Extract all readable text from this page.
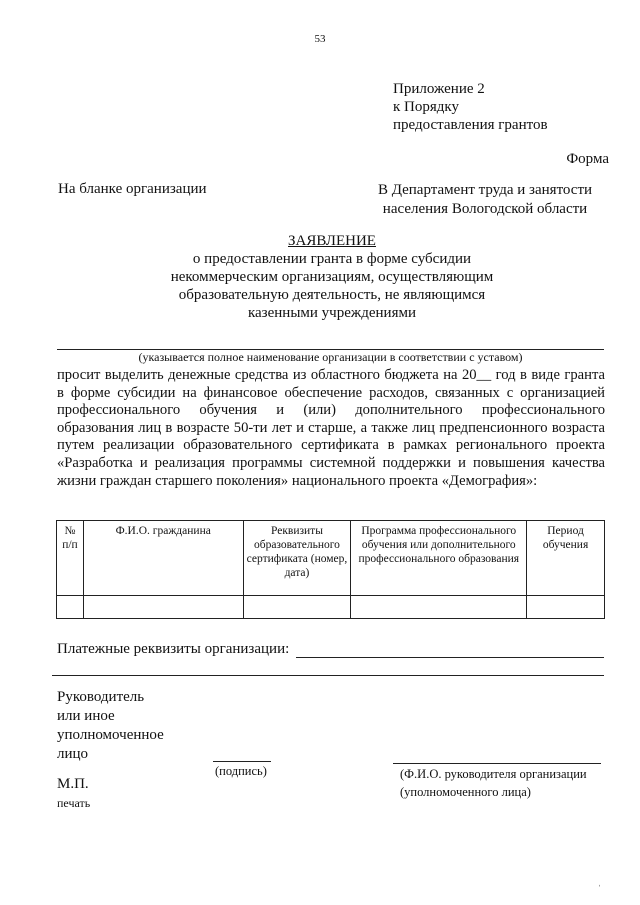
53
Приложение 2
к Порядку
предоставления грантов
Форма
На бланке организации	В Департамент труда и занятости
населения Вологодской области
ЗАЯВЛЕНИЕ
о предоставлении гранта в форме субсидии
некоммерческим организациям, осуществляющим
образовательную деятельность, не являющимся
казенными учреждениями
(указывается полное наименование организации в соответствии с уставом)
просит выделить денежные средства из областного бюджета на 20__ год в виде гранта в форме субсидии на финансовое обеспечение расходов, связанных с организацией профессионального обучения и (или) дополнительного профессионального образования лиц в возрасте 50-ти лет и старше, а также лиц предпенсионного возраста путем реализации образовательного сертификата в рамках регионального проекта «Разработка и реализация программы системной поддержки и повышения качества жизни граждан старшего поколения» национального проекта «Демография»:
№ п/п	Ф.И.О. гражданина	Реквизиты образовательного сертификата (номер, дата)	Программа профессионального обучения или дополнительного профессионального образования	Период обучения

Платежные реквизиты организации:
Руководитель
или иное
уполномоченное
лицо
(подпись)	(Ф.И.О. руководителя организации
(уполномоченного лица)
М.П.
печать
ˈ
